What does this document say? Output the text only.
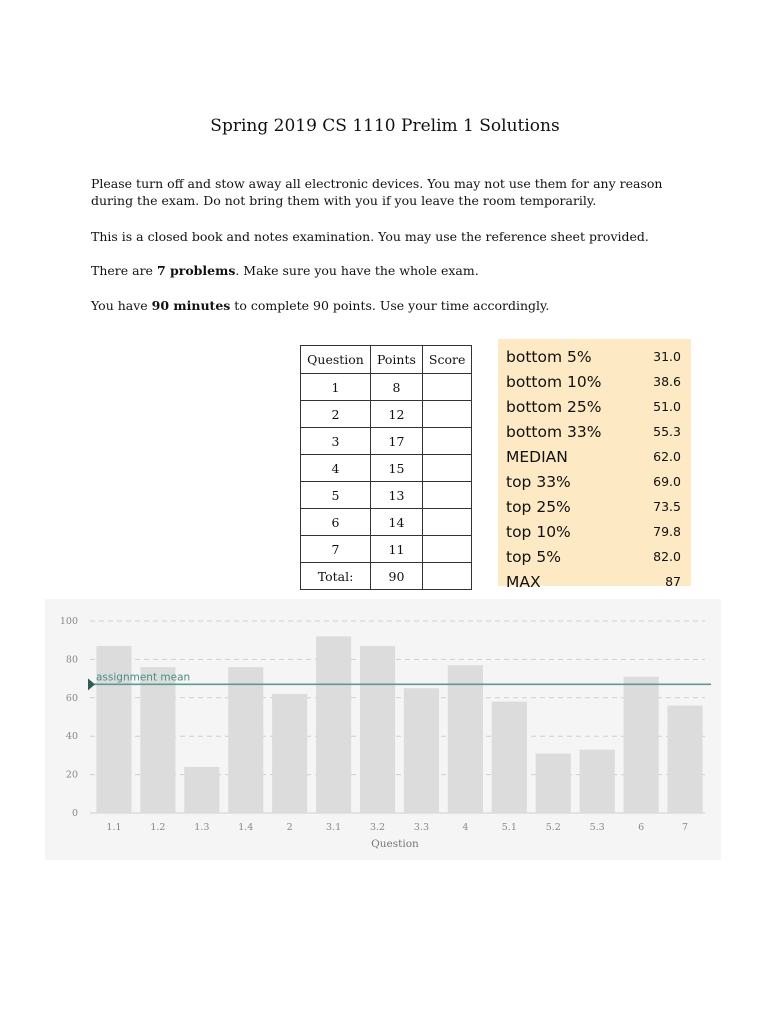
Spring 2019 CS 1110 Prelim 1 Solutions
Please turn off and stow away all electronic devices. You may not use them for any reason during the exam. Do not bring them with you if you leave the room temporarily.
This is a closed book and notes examination. You may use the reference sheet provided.
There are 7 problems. Make sure you have the whole exam.
You have 90 minutes to complete 90 points. Use your time accordingly.
Question	Points	Score
1	8	
2	12	
3	17	
4	15	
5	13	
6	14	
7	11	
Total:	90	
bottom 5%	31.0
bottom 10%	38.6
bottom 25%	51.0
bottom 33%	55.3
MEDIAN	62.0
top 33%	69.0
top 25%	73.5
top 10%	79.8
top 5%	82.0
MAX	87
0
20
40
60
80
100
1.1	1.2	1.3	1.4	2	3.1	3.2	3.3	4	5.1	5.2	5.3	6	7
assignment mean
Question
